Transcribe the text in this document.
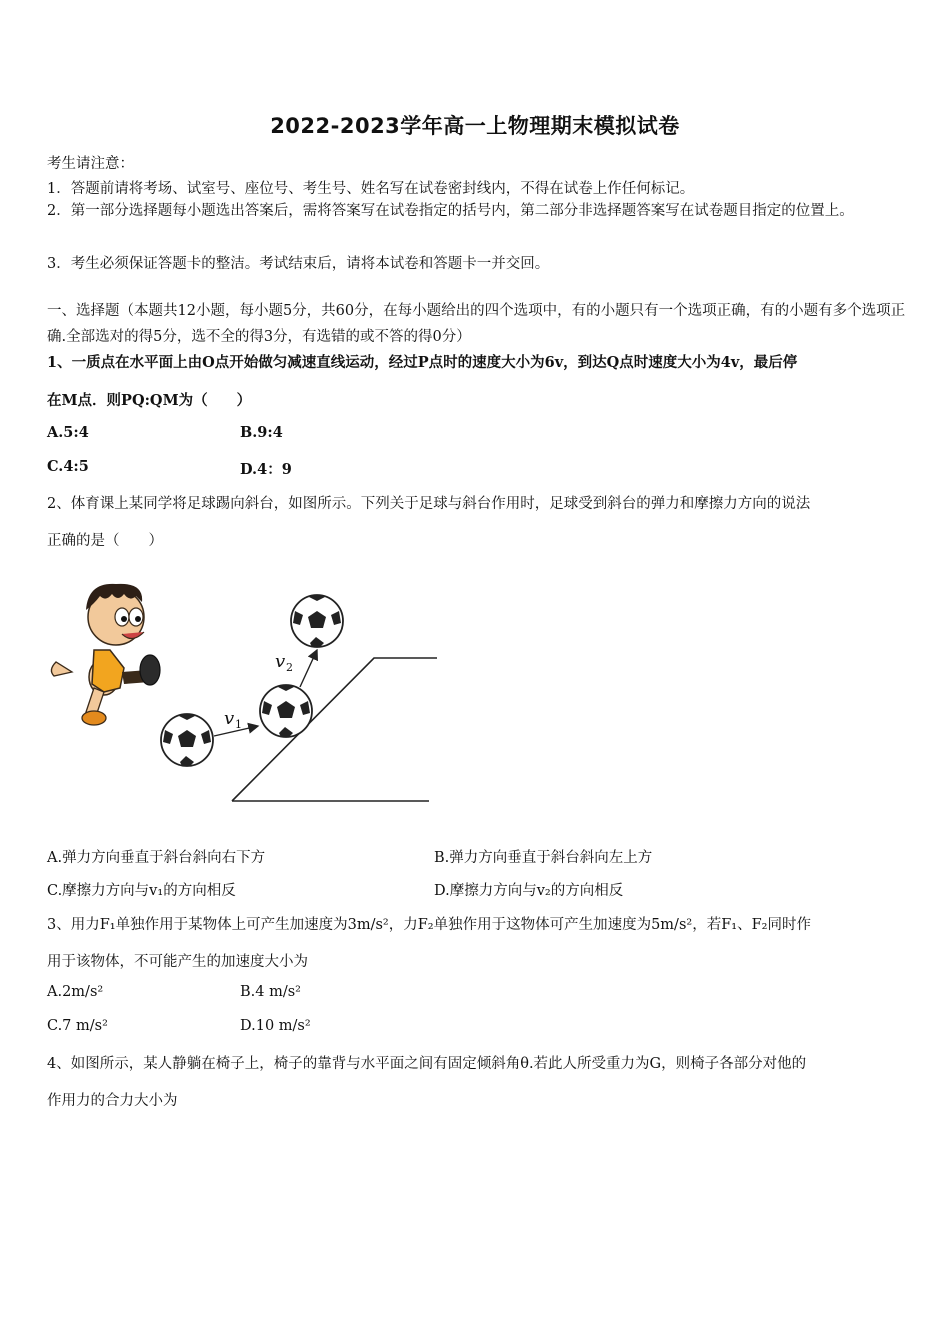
2022-2023学年高一上物理期末模拟试卷
考生请注意：
1．答题前请将考场、试室号、座位号、考生号、姓名写在试卷密封线内，不得在试卷上作任何标记。
2．第一部分选择题每小题选出答案后，需将答案写在试卷指定的括号内，第二部分非选择题答案写在试卷题目指定的位置上。
3．考生必须保证答题卡的整洁。考试结束后，请将本试卷和答题卡一并交回。
一、选择题（本题共12小题，每小题5分，共60分，在每小题给出的四个选项中，有的小题只有一个选项正确，有的小题有多个选项正确.全部选对的得5分，选不全的得3分，有选错的或不答的得0分）
1、一质点在水平面上由O点开始做匀减速直线运动，经过P点时的速度大小为6v，到达Q点时速度大小为4v，最后停
在M点．则PQ:QM为（　　）
A.5:4	B.9:4
C.4:5	D.4：9
2、体育课上某同学将足球踢向斜台，如图所示。下列关于足球与斜台作用时，足球受到斜台的弹力和摩擦力方向的说法
正确的是（　　）
v 1
v 2
A.弹力方向垂直于斜台斜向右下方	B.弹力方向垂直于斜台斜向左上方
C.摩擦力方向与v₁的方向相反	D.摩擦力方向与v₂的方向相反
3、用力F₁单独作用于某物体上可产生加速度为3m/s²，力F₂单独作用于这物体可产生加速度为5m/s²，若F₁、F₂同时作
用于该物体，不可能产生的加速度大小为
A.2m/s²	B.4 m/s²
C.7 m/s²	D.10 m/s²
4、如图所示，某人静躺在椅子上，椅子的靠背与水平面之间有固定倾斜角θ.若此人所受重力为G，则椅子各部分对他的
作用力的合力大小为
